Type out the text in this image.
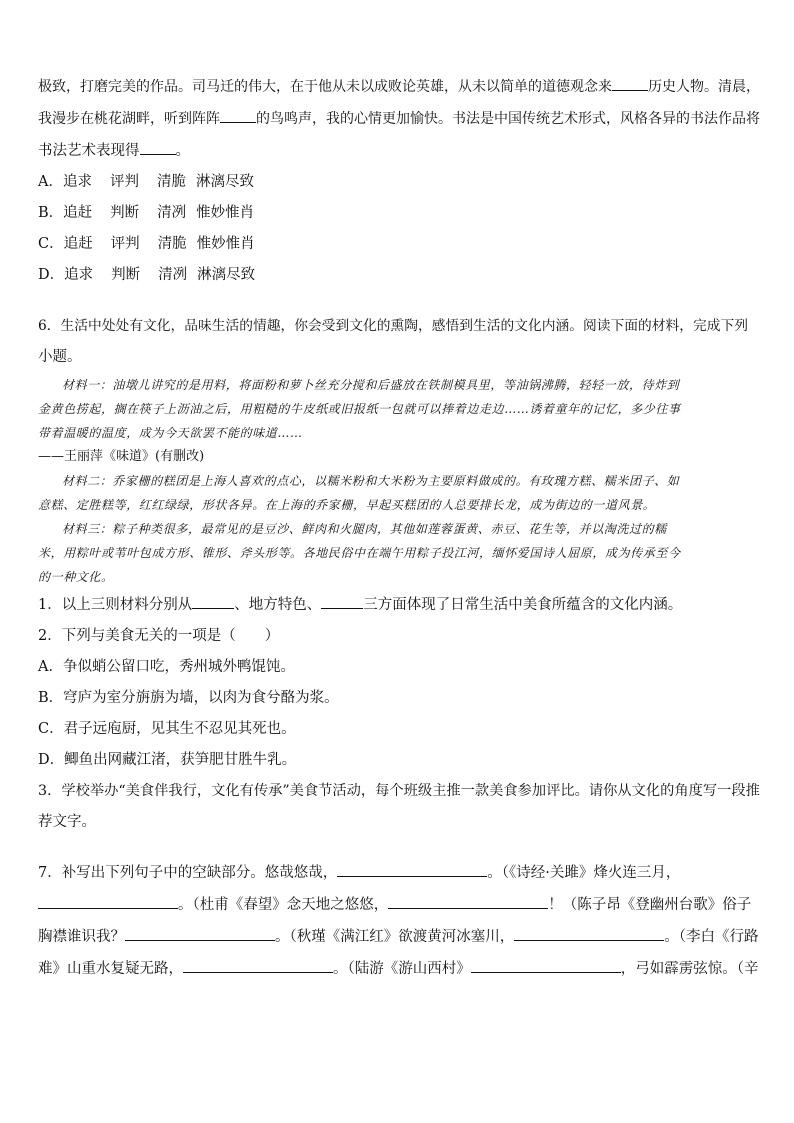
极致，打磨完美的作品。司马迁的伟大，在于他从未以成败论英雄，从未以简单的道德观念来	历史人物。清晨，

我漫步在桃花湖畔，听到阵阵	的鸟鸣声，我的心情更加愉快。书法是中国传统艺术形式，风格各异的书法作品将

书法艺术表现得 。

A．追求 评判 清脆 淋漓尽致

B．追赶 判断 清冽 惟妙惟肖

C．追赶 评判 清脆 惟妙惟肖

D．追求 判断 清冽 淋漓尽致

6．生活中处处有文化，品味生活的情趣，你会受到文化的熏陶，感悟到生活的文化内涵。阅读下面的材料，完成下列

小题。

材料一：油墩儿讲究的是用料，将面粉和萝卜丝充分搅和后盛放在铁制模具里，等油锅沸腾，轻轻一放，待炸到

金黄色捞起，搁在筷子上沥油之后，用粗糙的牛皮纸或旧报纸一包就可以捧着边走边……诱着童年的记忆，多少往事

带着温暖的温度，成为今天欲罢不能的味道……

——王丽萍《味道》(有删改)

材料二：乔家栅的糕团是上海人喜欢的点心，以糯米粉和大米粉为主要原料做成的。有玫瑰方糕、糯米团子、如

意糕、定胜糕等，红红绿绿，形状各异。在上海的乔家栅，早起买糕团的人总要排长龙，成为街边的一道风景。

材料三：粽子种类很多，最常见的是豆沙、鲜肉和火腿肉，其他如莲蓉蛋黄、赤豆、花生等，并以淘洗过的糯

米，用粽叶或苇叶包成方形、锥形、斧头形等。各地民俗中在端午用粽子投江河，缅怀爱国诗人屈原，成为传承至今

的一种文化。

1．以上三则材料分别从	、地方特色、	三方面体现了日常生活中美食所蕴含的文化内涵。

2．下列与美食无关的一项是（　　）

A．争似蛸公留口吃，秀州城外鸭馄饨。

B．穹庐为室分旃旃为墙，以肉为食兮酪为浆。

C．君子远庖厨，见其生不忍见其死也。

D．鲫鱼出网藏江渚，获笋肥甘胜牛乳。

3．学校举办“美食伴我行，文化有传承”美食节活动，每个班级主推一款美食参加评比。请你从文化的角度写一段推

荐文字。

7．补写出下列句子中的空缺部分。悠哉悠哉，	。（《诗经·关雎》烽火连三月，

。（杜甫《春望》念天地之悠悠，	！（陈子昂《登幽州台歌》俗子

胸襟谁识我？	。（秋瑾《满江红》欲渡黄河冰塞川，	。（李白《行路

难》山重水复疑无路，	。（陆游《游山西村》	，弓如霹雳弦惊。（辛
